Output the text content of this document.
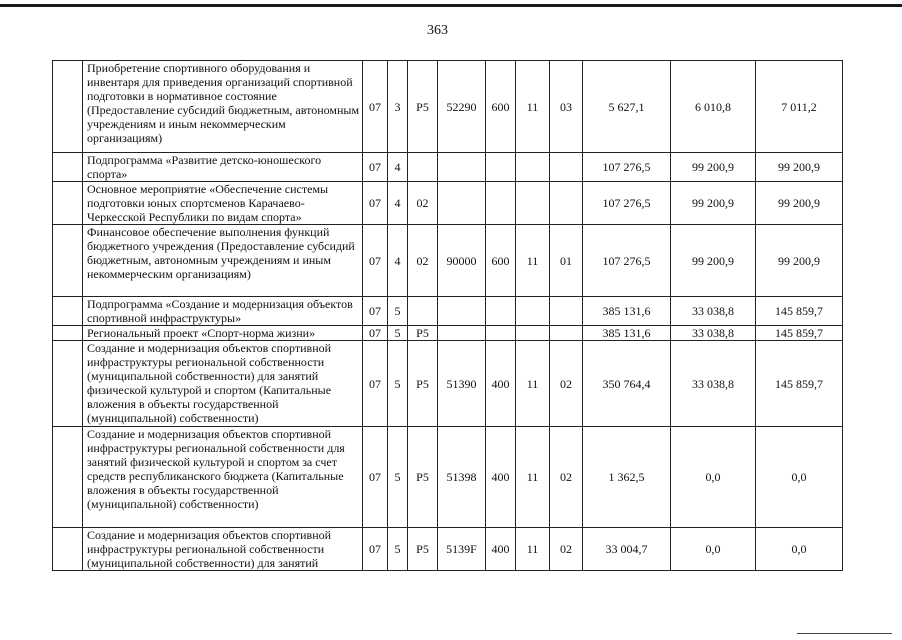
363
	Приобретение спортивного оборудования и инвентаря для приведения организаций спортивной подготовки в нормативное состояние (Предоставление субсидий бюджетным, автономным учреждениям и иным некоммерческим организациям)	07	3	P5	52290	600	11	03	5 627,1	6 010,8	7 011,2
	Подпрограмма «Развитие детско-юношеского спорта»	07	4						107 276,5	99 200,9	99 200,9
	Основное мероприятие «Обеспечение системы подготовки юных спортсменов Карачаево-Черкесской Республики по видам спорта»	07	4	02					107 276,5	99 200,9	99 200,9
	Финансовое обеспечение выполнения функций бюджетного учреждения (Предоставление субсидий бюджетным, автономным учреждениям и иным некоммерческим организациям)	07	4	02	90000	600	11	01	107 276,5	99 200,9	99 200,9
	Подпрограмма «Создание и модернизация объектов спортивной инфраструктуры»	07	5						385 131,6	33 038,8	145 859,7
	Региональный проект «Спорт-норма жизни»	07	5	P5					385 131,6	33 038,8	145 859,7
	Создание и модернизация объектов спортивной инфраструктуры региональной собственности (муниципальной собственности) для занятий физической культурой и спортом (Капитальные вложения в объекты государственной (муниципальной) собственности)	07	5	P5	51390	400	11	02	350 764,4	33 038,8	145 859,7
	Создание и модернизация объектов спортивной инфраструктуры региональной собственности для занятий физической культурой и спортом за счет средств республиканского бюджета (Капитальные вложения в объекты государственной (муниципальной) собственности)	07	5	P5	51398	400	11	02	1 362,5	0,0	0,0
	Создание и модернизация объектов спортивной инфраструктуры региональной собственности (муниципальной собственности) для занятий	07	5	P5	5139F	400	11	02	33 004,7	0,0	0,0
